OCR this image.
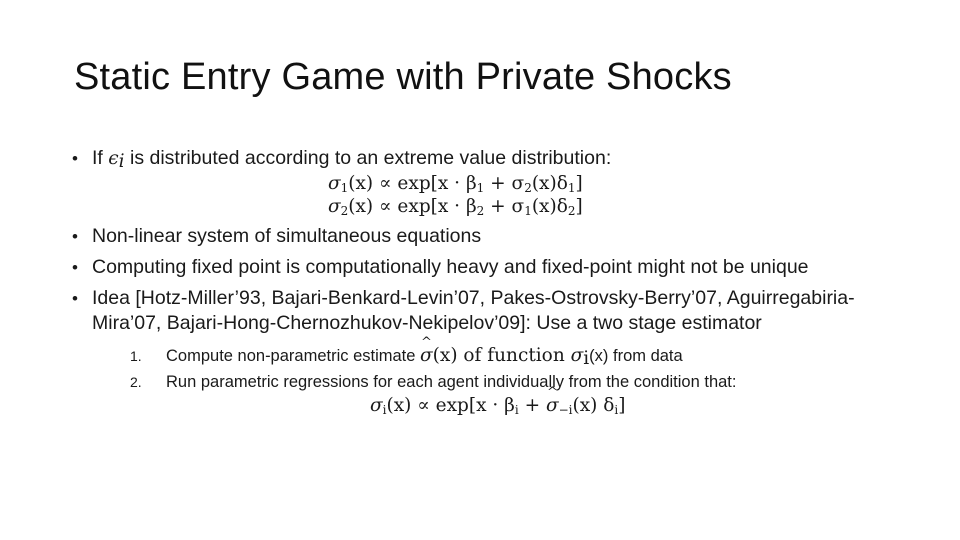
Static Entry Game with Private Shocks
• If $\epsilon_i$ is distributed according to an extreme value distribution:
$\sigma_1(x) \propto \exp[x \cdot \beta_1 + \sigma_2(x)\delta_1]$
$\sigma_2(x) \propto \exp[x \cdot \beta_2 + \sigma_1(x)\delta_2]$
• Non-linear system of simultaneous equations
• Computing fixed point is computationally heavy and fixed-point might not be unique
• Idea [Hotz-Miller’93, Bajari-Benkard-Levin’07, Pakes-Ostrovsky-Berry’07, Aguirregabiria-Mira’07, Bajari-Hong-Chernozhukov-Nekipelov’09]: Use a two stage estimator
1. Compute non-parametric estimate σ ^(x) of function $\sigma_i(x)$ from data
2. Run parametric regressions for each agent individually from the condition that:
$\sigma_i(x) \propto \exp[x \cdot \beta_i + \sigma$ $\^{}_{-i}(x)$ $\delta_i$]
